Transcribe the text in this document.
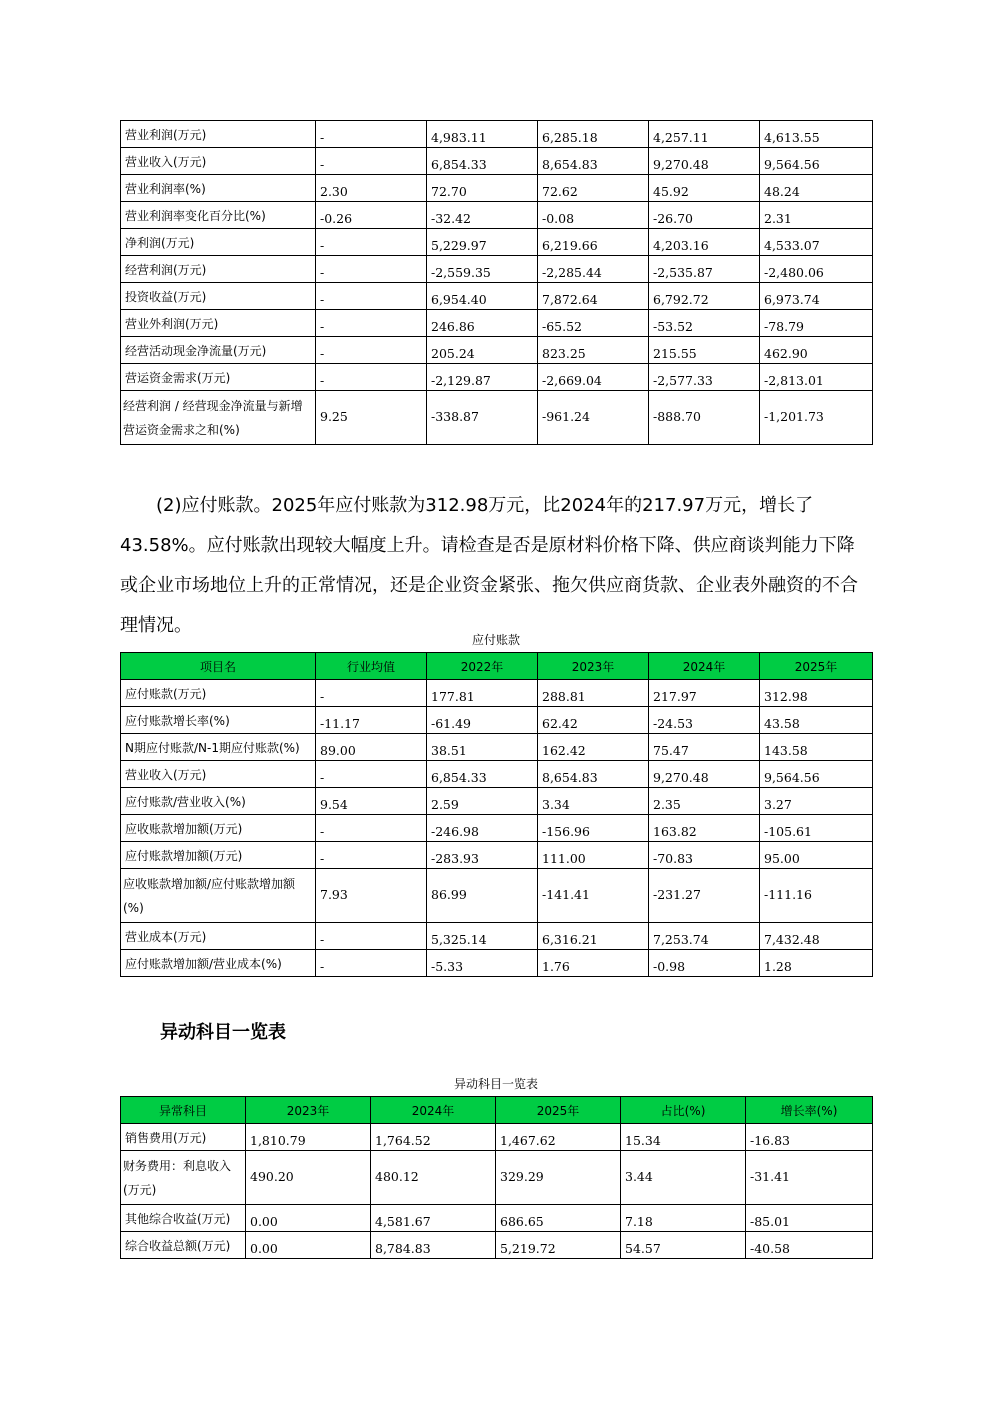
营业利润(万元)	-	4,983.11	6,285.18	4,257.11	4,613.55
营业收入(万元)	-	6,854.33	8,654.83	9,270.48	9,564.56
营业利润率(%)	2.30	72.70	72.62	45.92	48.24
营业利润率变化百分比(%)	-0.26	-32.42	-0.08	-26.70	2.31
净利润(万元)	-	5,229.97	6,219.66	4,203.16	4,533.07
经营利润(万元)	-	-2,559.35	-2,285.44	-2,535.87	-2,480.06
投资收益(万元)	-	6,954.40	7,872.64	6,792.72	6,973.74
营业外利润(万元)	-	246.86	-65.52	-53.52	-78.79
经营活动现金净流量(万元)	-	205.24	823.25	215.55	462.90
营运资金需求(万元)	-	-2,129.87	-2,669.04	-2,577.33	-2,813.01
经营利润 / 经营现金净流量与新增营运资金需求之和(%)	9.25	-338.87	-961.24	-888.70	-1,201.73
(2)应付账款。2025年应付账款为312.98万元，比2024年的217.97万元，增长了43.58%。应付账款出现较大幅度上升。请检查是否是原材料价格下降、供应商谈判能力下降或企业市场地位上升的正常情况，还是企业资金紧张、拖欠供应商货款、企业表外融资的不合理情况。
应付账款
项目名	行业均值	2022年	2023年	2024年	2025年
应付账款(万元)	-	177.81	288.81	217.97	312.98
应付账款增长率(%)	-11.17	-61.49	62.42	-24.53	43.58
N期应付账款/N-1期应付账款(%)	89.00	38.51	162.42	75.47	143.58
营业收入(万元)	-	6,854.33	8,654.83	9,270.48	9,564.56
应付账款/营业收入(%)	9.54	2.59	3.34	2.35	3.27
应收账款增加额(万元)	-	-246.98	-156.96	163.82	-105.61
应付账款增加额(万元)	-	-283.93	111.00	-70.83	95.00
应收账款增加额/应付账款增加额(%)	7.93	86.99	-141.41	-231.27	-111.16
营业成本(万元)	-	5,325.14	6,316.21	7,253.74	7,432.48
应付账款增加额/营业成本(%)	-	-5.33	1.76	-0.98	1.28
异动科目一览表
异动科目一览表
异常科目	2023年	2024年	2025年	占比(%)	增长率(%)
销售费用(万元)	1,810.79	1,764.52	1,467.62	15.34	-16.83
财务费用：利息收入(万元)	490.20	480.12	329.29	3.44	-31.41
其他综合收益(万元)	0.00	4,581.67	686.65	7.18	-85.01
综合收益总额(万元)	0.00	8,784.83	5,219.72	54.57	-40.58
